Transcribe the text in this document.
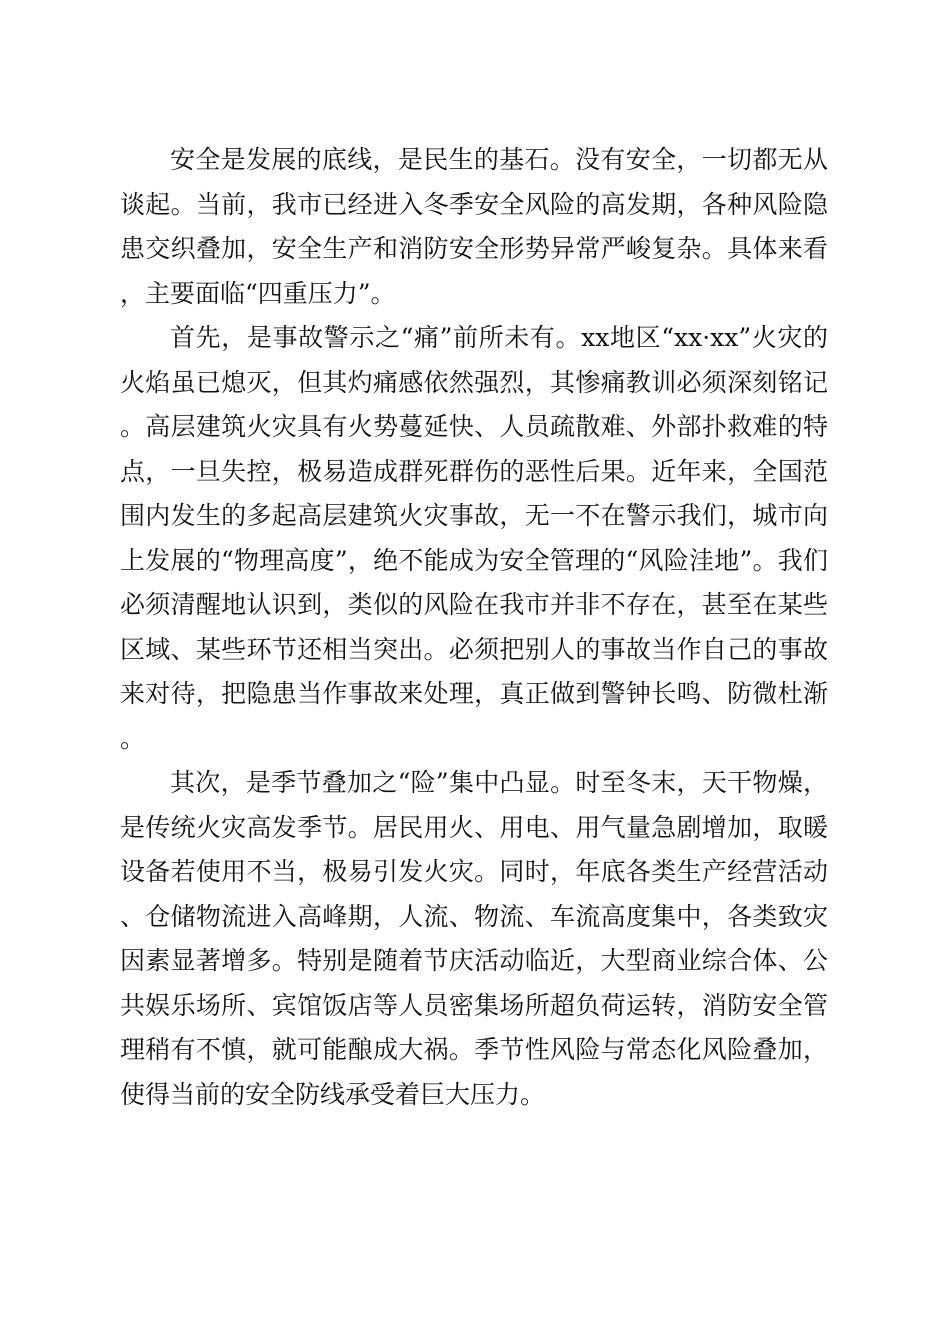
安全是发展的底线，是民生的基石。没有安全，一切都无从谈起。当前，我市已经进入冬季安全风险的高发期，各种风险隐患交织叠加，安全生产和消防安全形势异常严峻复杂。具体来看，主要面临“四重压力”。

首先，是事故警示之“痛”前所未有。xx地区“xx·xx”火灾的火焰虽已熄灭，但其灼痛感依然强烈，其惨痛教训必须深刻铭记。高层建筑火灾具有火势蔓延快、人员疏散难、外部扑救难的特点，一旦失控，极易造成群死群伤的恶性后果。近年来，全国范围内发生的多起高层建筑火灾事故，无一不在警示我们，城市向上发展的“物理高度”，绝不能成为安全管理的“风险洼地”。我们必须清醒地认识到，类似的风险在我市并非不存在，甚至在某些区域、某些环节还相当突出。必须把别人的事故当作自己的事故来对待，把隐患当作事故来处理，真正做到警钟长鸣、防微杜渐。

其次，是季节叠加之“险”集中凸显。时至冬末，天干物燥，是传统火灾高发季节。居民用火、用电、用气量急剧增加，取暖设备若使用不当，极易引发火灾。同时，年底各类生产经营活动、仓储物流进入高峰期，人流、物流、车流高度集中，各类致灾因素显著增多。特别是随着节庆活动临近，大型商业综合体、公共娱乐场所、宾馆饭店等人员密集场所超负荷运转，消防安全管理稍有不慎，就可能酿成大祸。季节性风险与常态化风险叠加，使得当前的安全防线承受着巨大压力。
